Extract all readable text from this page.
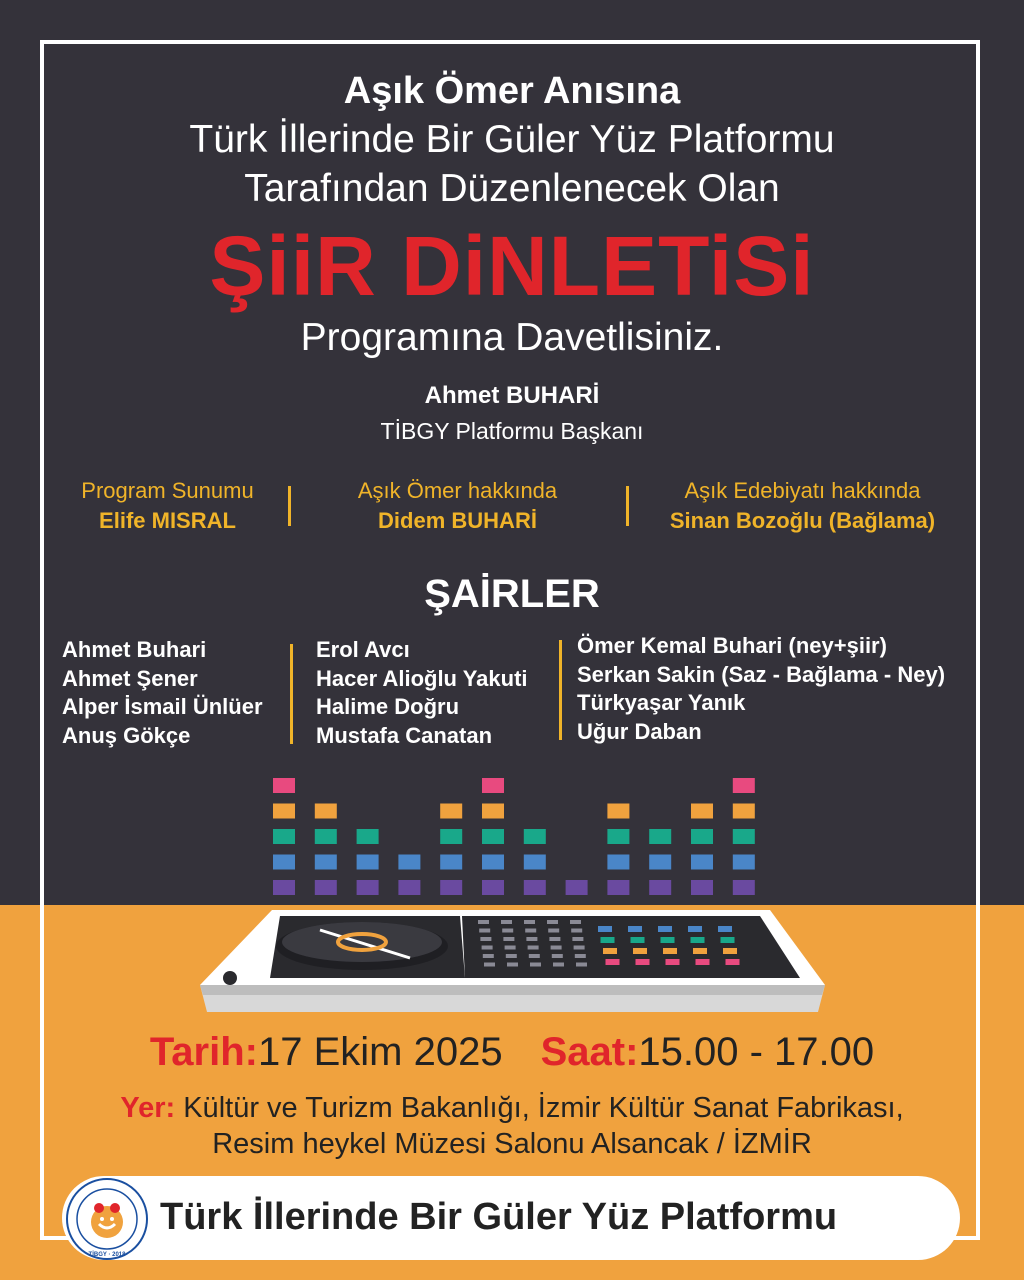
Aşık Ömer Anısına
Türk İllerinde Bir Güler Yüz Platformu
Tarafından Düzenlenecek Olan
ŞiiR DiNLETiSi
Programına Davetlisiniz.
Ahmet BUHARİ
TİBGY Platformu Başkanı
Program Sunumu
Elife MISRAL
Aşık Ömer hakkında
Didem BUHARİ
Aşık Edebiyatı hakkında
Sinan Bozoğlu (Bağlama)
ŞAİRLER
Ahmet Buhari
Ahmet Şener
Alper İsmail Ünlüer
Anuş Gökçe
Erol Avcı
Hacer Alioğlu Yakuti
Halime Doğru
Mustafa Canatan
Ömer Kemal Buhari (ney+şiir)
Serkan Sakin (Saz - Bağlama - Ney)
Türkyaşar Yanık
Uğur Daban
Tarih:17 Ekim 2025 Saat:15.00 - 17.00
Yer: Kültür ve Turizm Bakanlığı, İzmir Kültür Sanat Fabrikası,
Resim heykel Müzesi Salonu Alsancak / İZMİR
TİBGY · 2018
Türk İllerinde Bir Güler Yüz Platformu
